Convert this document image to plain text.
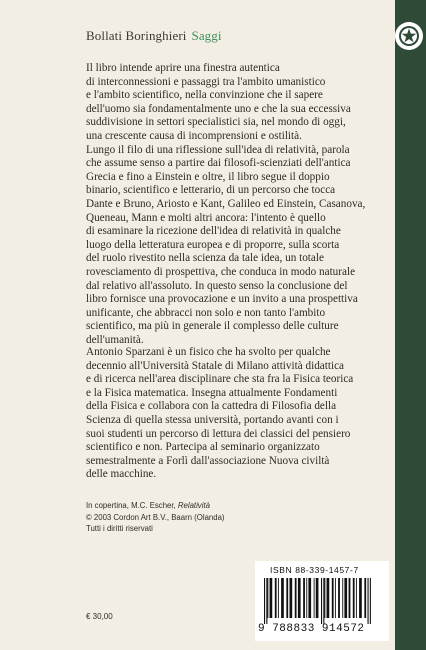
Bollati Boringhieri Saggi
Il libro intende aprire una finestra autentica
di interconnessioni e passaggi tra l'ambito umanistico
e l'ambito scientifico, nella convinzione che il sapere
dell'uomo sia fondamentalmente uno e che la sua eccessiva
suddivisione in settori specialistici sia, nel mondo di oggi,
una crescente causa di incomprensioni e ostilità.
Lungo il filo di una riflessione sull'idea di relatività, parola
che assume senso a partire dai filosofi-scienziati dell'antica
Grecia e fino a Einstein e oltre, il libro segue il doppio
binario, scientifico e letterario, di un percorso che tocca
Dante e Bruno, Ariosto e Kant, Galileo ed Einstein, Casanova,
Queneau, Mann e molti altri ancora: l'intento è quello
di esaminare la ricezione dell'idea di relatività in qualche
luogo della letteratura europea e di proporre, sulla scorta
del ruolo rivestito nella scienza da tale idea, un totale
rovesciamento di prospettiva, che conduca in modo naturale
dal relativo all'assoluto. In questo senso la conclusione del
libro fornisce una provocazione e un invito a una prospettiva
unificante, che abbracci non solo e non tanto l'ambito
scientifico, ma più in generale il complesso delle culture
dell'umanità.
Antonio Sparzani è un fisico che ha svolto per qualche
decennio all'Università Statale di Milano attività didattica
e di ricerca nell'area disciplinare che sta fra la Fisica teorica
e la Fisica matematica. Insegna attualmente Fondamenti
della Fisica e collabora con la cattedra di Filosofia della
Scienza di quella stessa università, portando avanti con i
suoi studenti un percorso di lettura dei classici del pensiero
scientifico e non. Partecipa al seminario organizzato
semestralmente a Forlì dall'associazione Nuova civiltà
delle macchine.
In copertina, M.C. Escher, Relatività
© 2003 Cordon Art B.V., Baarn (Olanda)
Tutti i diritti riservati
€ 30,00
ISBN 88-339-1457-7
9 788833 914572
